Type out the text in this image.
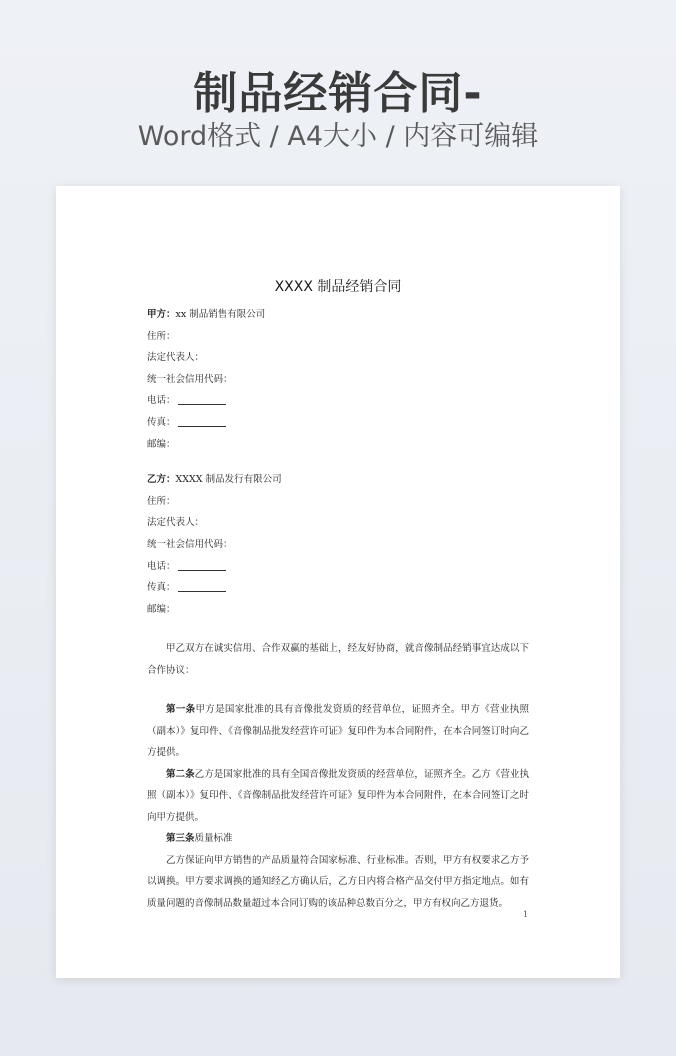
制品经销合同-
Word格式 / A4大小 / 内容可编辑
XXXX 制品经销合同
甲方：xx 制品销售有限公司
住所：
法定代表人：
统一社会信用代码：
电话：
传真：
邮编：
乙方：XXXX 制品发行有限公司
住所：
法定代表人：
统一社会信用代码：
电话：
传真：
邮编：

甲乙双方在诚实信用、合作双赢的基础上，经友好协商，就音像制品经销事宜达成以下合作协议：

第一条甲方是国家批准的具有音像批发资质的经营单位，证照齐全。甲方《营业执照（副本）》复印件、《音像制品批发经营许可证》复印件为本合同附件，在本合同签订时向乙方提供。

第二条乙方是国家批准的具有全国音像批发资质的经营单位，证照齐全。乙方《营业执照（副本）》复印件、《音像制品批发经营许可证》复印件为本合同附件，在本合同签订之时向甲方提供。

第三条质量标准

乙方保证向甲方销售的产品质量符合国家标准、行业标准。否则，甲方有权要求乙方予以调换。甲方要求调换的通知经乙方确认后，乙方日内将合格产品交付甲方指定地点。如有质量问题的音像制品数量超过本合同订购的该品种总数百分之，甲方有权向乙方退货。

1
